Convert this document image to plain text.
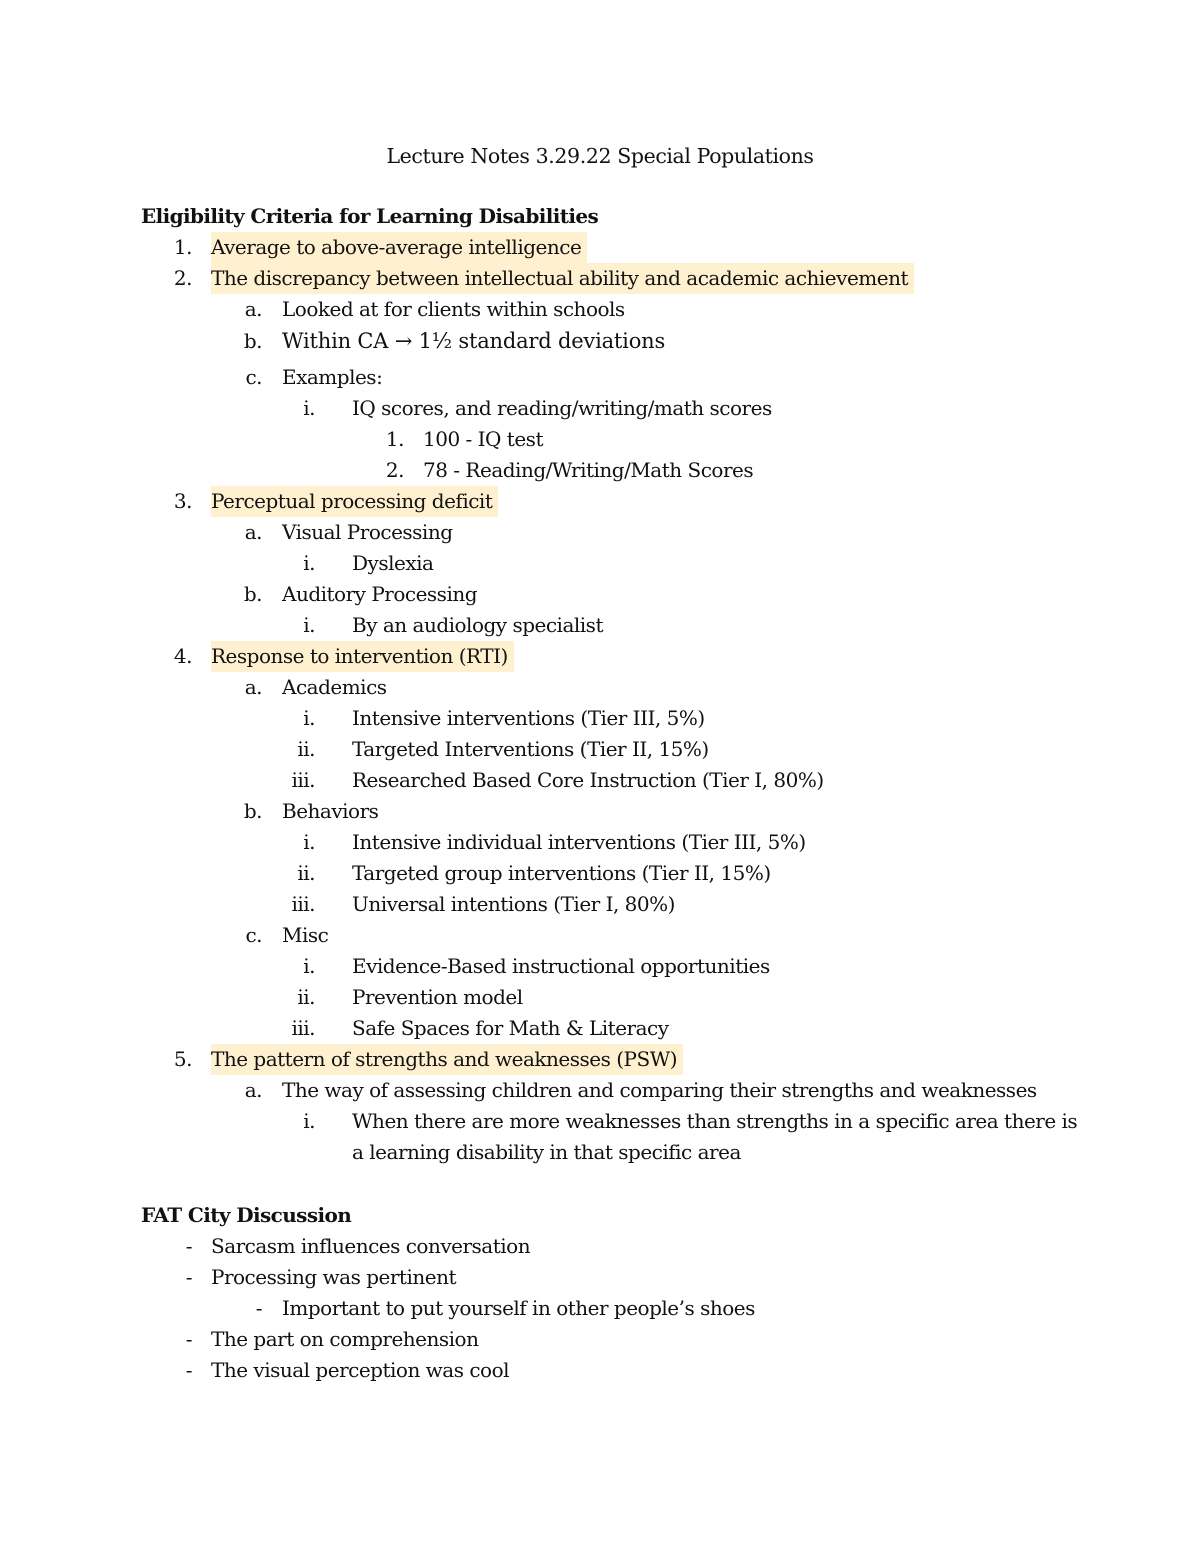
Lecture Notes 3.29.22 Special Populations
Eligibility Criteria for Learning Disabilities
1. Average to above-average intelligence
2. The discrepancy between intellectual ability and academic achievement
a. Looked at for clients within schools
b. Within CA → 1½ standard deviations
c. Examples:
i. IQ scores, and reading/writing/math scores
1. 100 - IQ test
2. 78 - Reading/Writing/Math Scores
3. Perceptual processing deficit
a. Visual Processing
i. Dyslexia
b. Auditory Processing
i. By an audiology specialist
4. Response to intervention (RTI)
a. Academics
i. Intensive interventions (Tier III, 5%)
ii. Targeted Interventions (Tier II, 15%)
iii. Researched Based Core Instruction (Tier I, 80%)
b. Behaviors
i. Intensive individual interventions (Tier III, 5%)
ii. Targeted group interventions (Tier II, 15%)
iii. Universal intentions (Tier I, 80%)
c. Misc
i. Evidence-Based instructional opportunities
ii. Prevention model
iii. Safe Spaces for Math & Literacy
5. The pattern of strengths and weaknesses (PSW)
a. The way of assessing children and comparing their strengths and weaknesses
i. When there are more weaknesses than strengths in a specific area there is
a learning disability in that specific area
FAT City Discussion
- Sarcasm influences conversation
- Processing was pertinent
- Important to put yourself in other people’s shoes
- The part on comprehension
- The visual perception was cool
